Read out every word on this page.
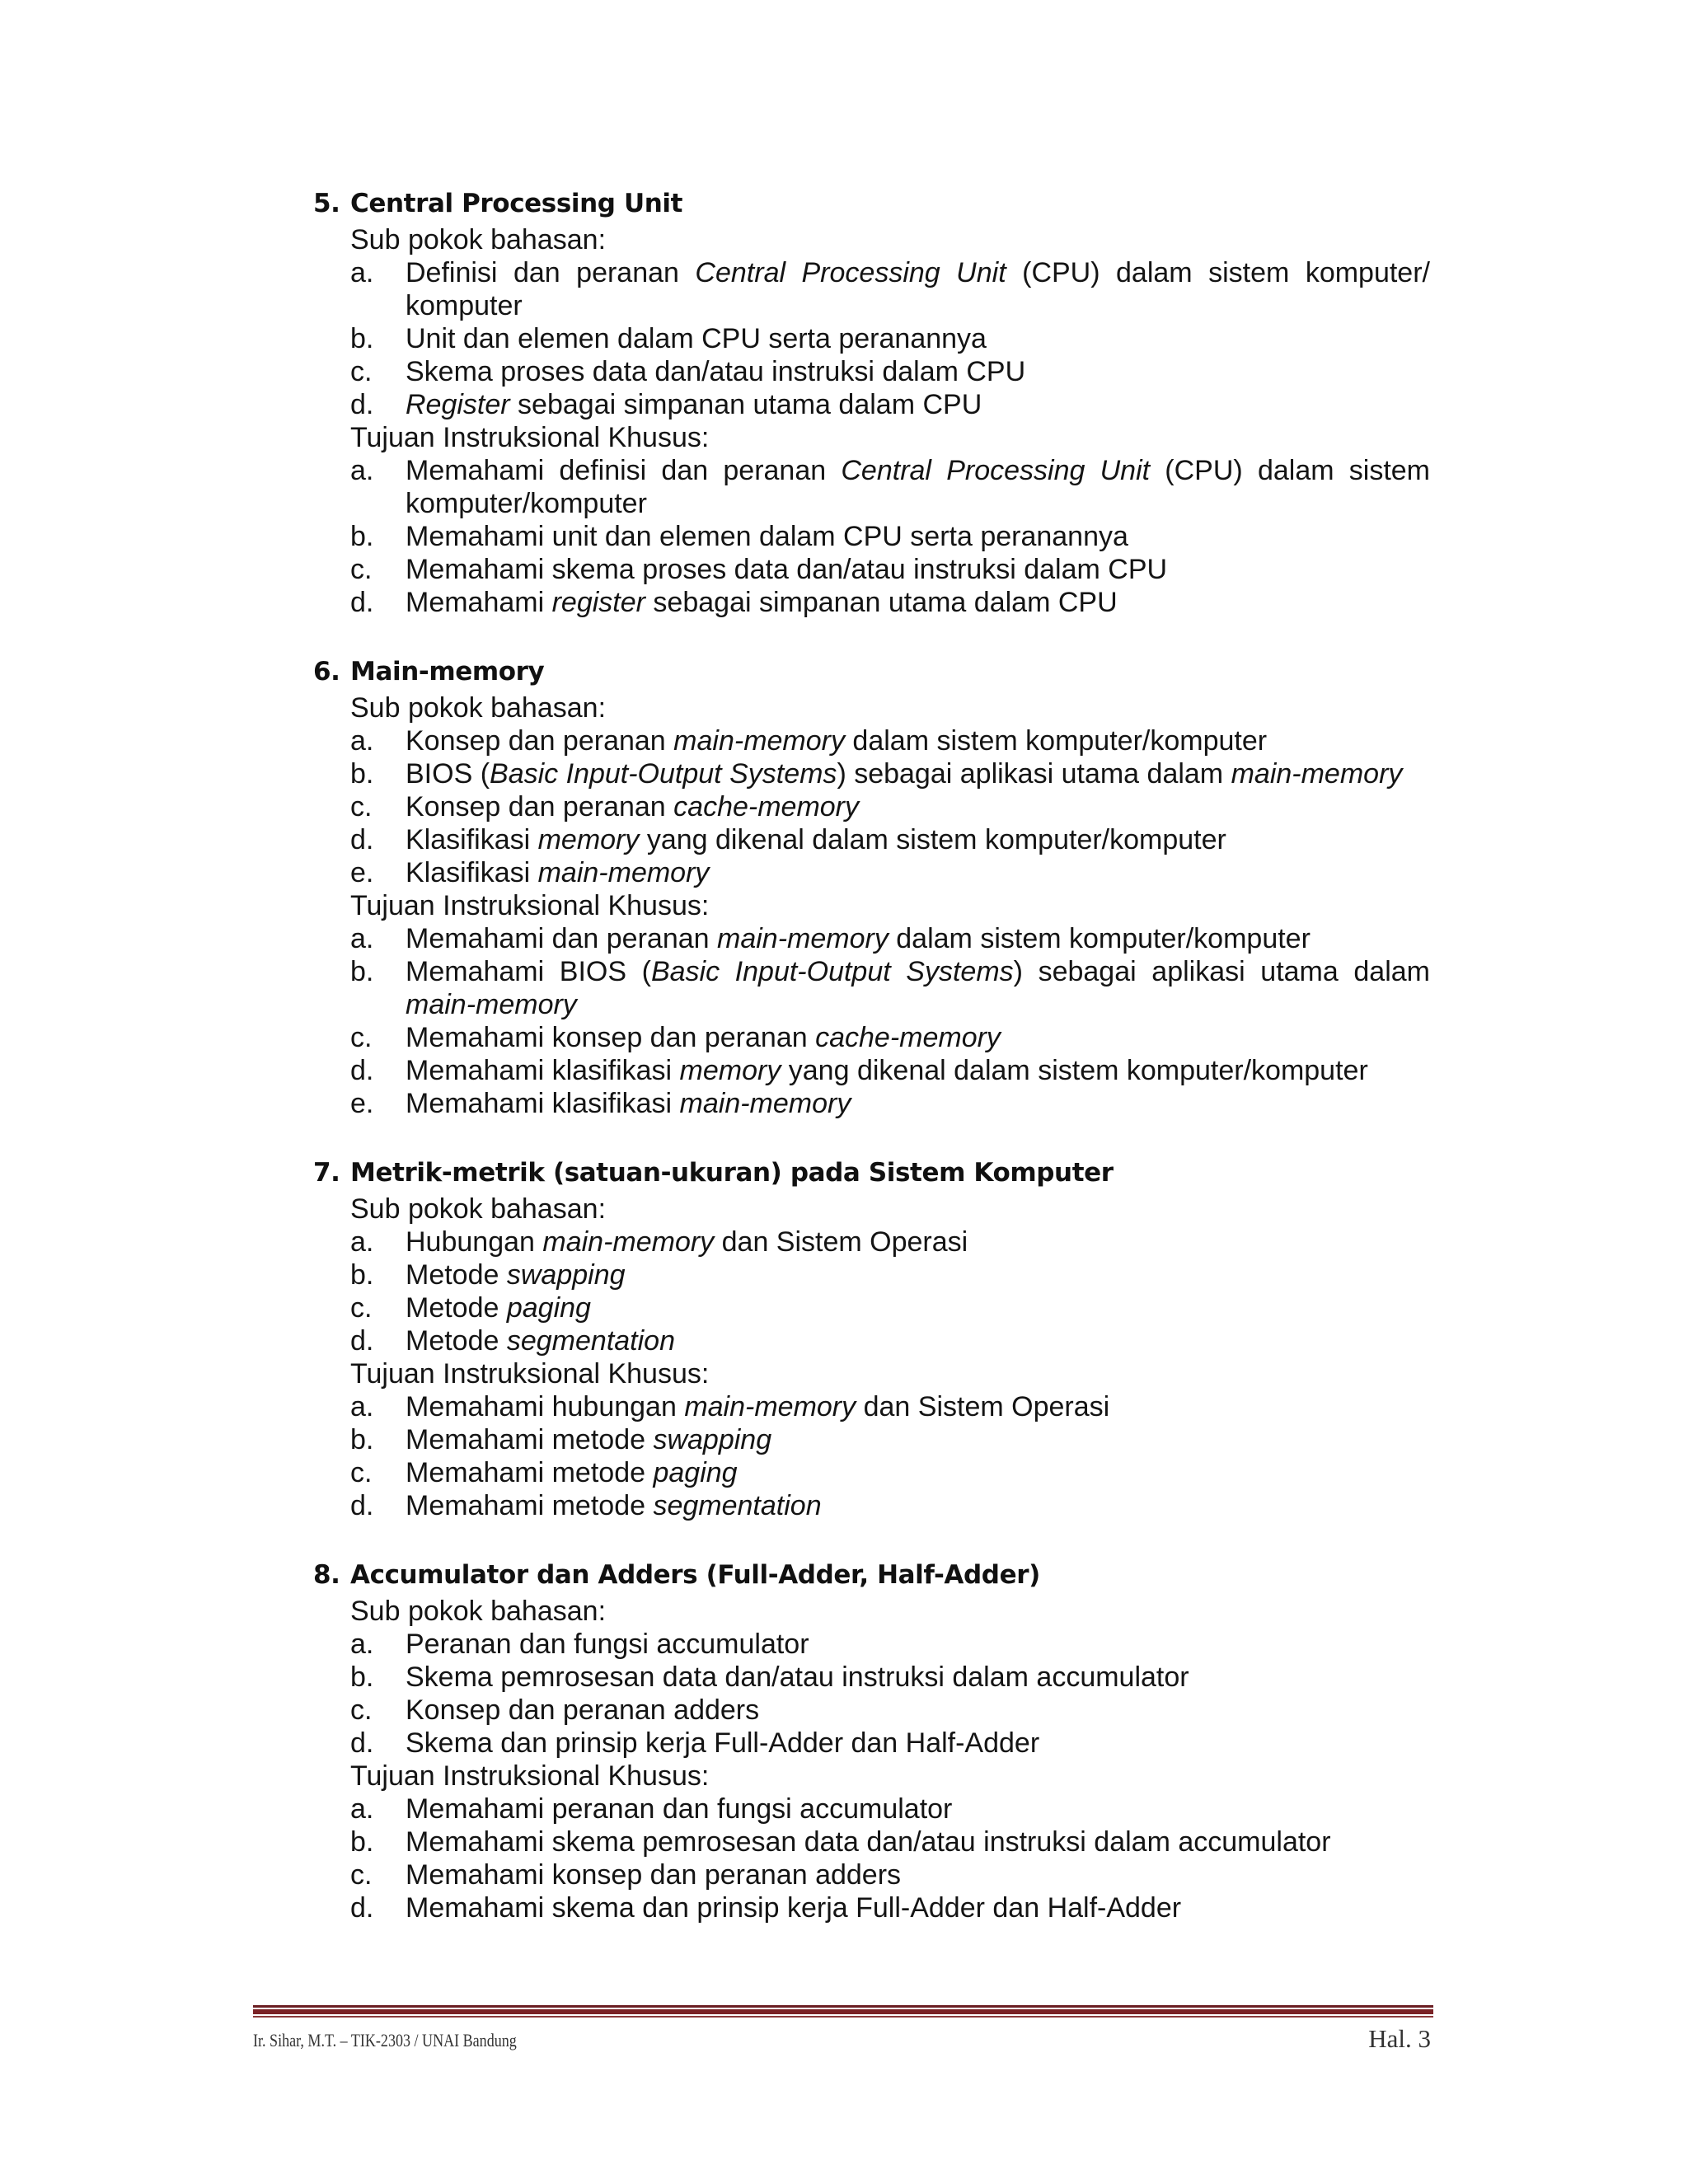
5. Central Processing Unit
Sub pokok bahasan:
a.	Definisi dan peranan Central Processing Unit (CPU) dalam sistem komputer/ komputer
b.	Unit dan elemen dalam CPU serta peranannya
c.	Skema proses data dan/atau instruksi dalam CPU
d.	Register sebagai simpanan utama dalam CPU
Tujuan Instruksional Khusus:
a.	Memahami definisi dan peranan Central Processing Unit (CPU) dalam sistem komputer/komputer
b.	Memahami unit dan elemen dalam CPU serta peranannya
c.	Memahami skema proses data dan/atau instruksi dalam CPU
d.	Memahami register sebagai simpanan utama dalam CPU
6. Main-memory
Sub pokok bahasan:
a.	Konsep dan peranan main-memory dalam sistem komputer/komputer
b.	BIOS (Basic Input-Output Systems) sebagai aplikasi utama dalam main-memory
c.	Konsep dan peranan cache-memory
d.	Klasifikasi memory yang dikenal dalam sistem komputer/komputer
e.	Klasifikasi main-memory
Tujuan Instruksional Khusus:
a.	Memahami dan peranan main-memory dalam sistem komputer/komputer
b.	Memahami BIOS (Basic Input-Output Systems) sebagai aplikasi utama dalam main-memory
c.	Memahami konsep dan peranan cache-memory
d.	Memahami klasifikasi memory yang dikenal dalam sistem komputer/komputer
e.	Memahami klasifikasi main-memory
7. Metrik-metrik (satuan-ukuran) pada Sistem Komputer
Sub pokok bahasan:
a.	Hubungan main-memory dan Sistem Operasi
b.	Metode swapping
c.	Metode paging
d.	Metode segmentation
Tujuan Instruksional Khusus:
a.	Memahami hubungan main-memory dan Sistem Operasi
b.	Memahami metode swapping
c.	Memahami metode paging
d.	Memahami metode segmentation
8. Accumulator dan Adders (Full-Adder, Half-Adder)
Sub pokok bahasan:
a.	Peranan dan fungsi accumulator
b.	Skema pemrosesan data dan/atau instruksi dalam accumulator
c.	Konsep dan peranan adders
d.	Skema dan prinsip kerja Full-Adder dan Half-Adder
Tujuan Instruksional Khusus:
a.	Memahami peranan dan fungsi accumulator
b.	Memahami skema pemrosesan data dan/atau instruksi dalam accumulator
c.	Memahami konsep dan peranan adders
d.	Memahami skema dan prinsip kerja Full-Adder dan Half-Adder
Ir. Sihar, M.T. – TIK-2303 / UNAI Bandung	Hal. 3
